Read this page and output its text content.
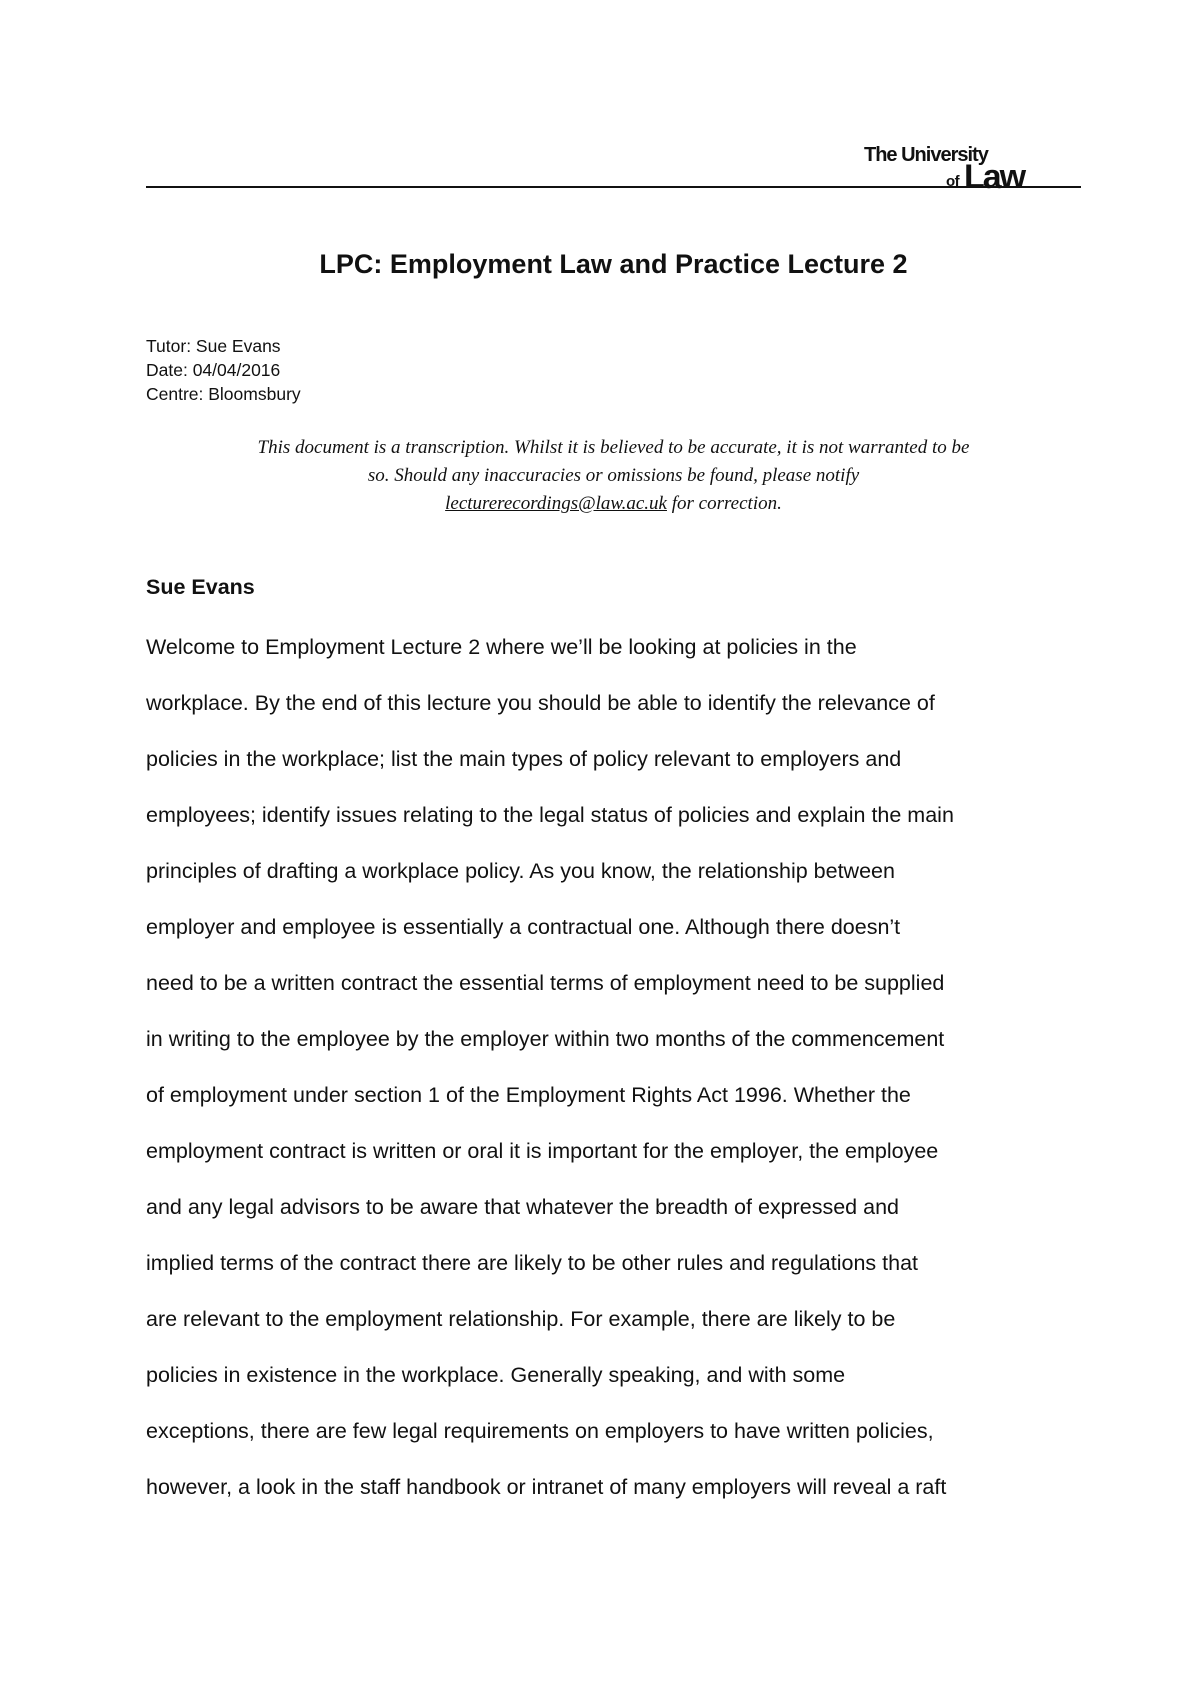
The University
of Law
LPC: Employment Law and Practice Lecture 2
Tutor: Sue Evans
Date: 04/04/2016
Centre: Bloomsbury
This document is a transcription. Whilst it is believed to be accurate, it is not warranted to be
so. Should any inaccuracies or omissions be found, please notify
lecturerecordings@law.ac.uk for correction.
Sue Evans
Welcome to Employment Lecture 2 where we’ll be looking at policies in the
workplace. By the end of this lecture you should be able to identify the relevance of
policies in the workplace; list the main types of policy relevant to employers and
employees; identify issues relating to the legal status of policies and explain the main
principles of drafting a workplace policy. As you know, the relationship between
employer and employee is essentially a contractual one. Although there doesn’t
need to be a written contract the essential terms of employment need to be supplied
in writing to the employee by the employer within two months of the commencement
of employment under section 1 of the Employment Rights Act 1996. Whether the
employment contract is written or oral it is important for the employer, the employee
and any legal advisors to be aware that whatever the breadth of expressed and
implied terms of the contract there are likely to be other rules and regulations that
are relevant to the employment relationship. For example, there are likely to be
policies in existence in the workplace. Generally speaking, and with some
exceptions, there are few legal requirements on employers to have written policies,
however, a look in the staff handbook or intranet of many employers will reveal a raft
